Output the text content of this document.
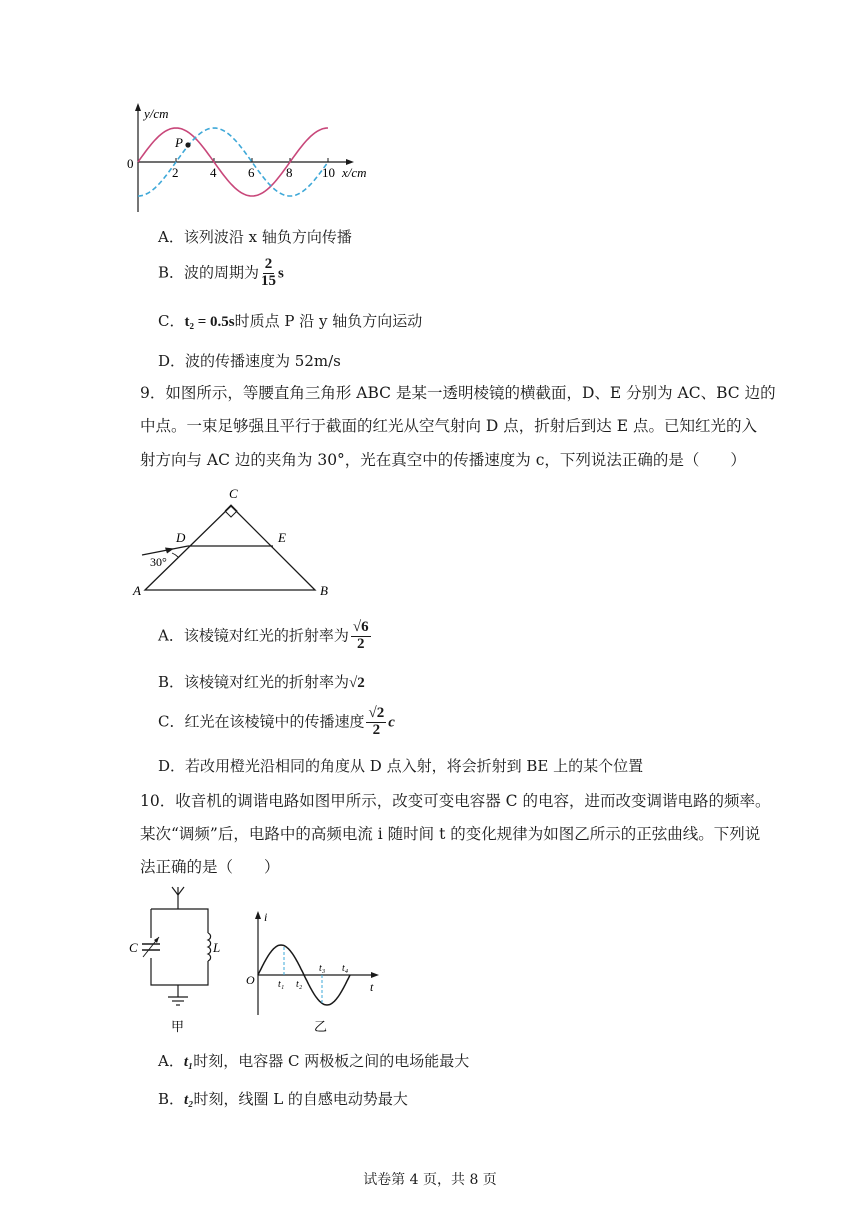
P
y/cm
0
2 4 6 8 10 x/cm
A．该列波沿 x 轴负方向传播
B．波的周期为 $\frac{2}{15}$ s
C．t₂ = 0.5s时质点 P 沿 y 轴负方向运动
D．波的传播速度为 52m/s
9．如图所示，等腰直角三角形 ABC 是某一透明棱镜的横截面，D、E 分别为 AC、BC 边的
中点。一束足够强且平行于截面的红光从空气射向 D 点，折射后到达 E 点。已知红光的入
射方向与 AC 边的夹角为 30°，光在真空中的传播速度为 c，下列说法正确的是（　　）
C
D	E
30°
A	B
A．该棱镜对红光的折射率为 $\frac{√6}{2}$
B．该棱镜对红光的折射率为√2
C．红光在该棱镜中的传播速度 $\frac{√2}{2}$ c
D．若改用橙光沿相同的角度从 D 点入射，将会折射到 BE 上的某个位置
10．收音机的调谐电路如图甲所示，改变可变电容器 C 的电容，进而改变调谐电路的频率。
某次“调频”后，电路中的高频电流 i 随时间 t 的变化规律为如图乙所示的正弦曲线。下列说
法正确的是（　　）
C	L
甲
i
t
O t₁ t₂
t₃ t₄
乙
A．t₁时刻，电容器 C 两极板之间的电场能最大
B．t₂时刻，线圈 L 的自感电动势最大
试卷第 4 页，共 8 页
